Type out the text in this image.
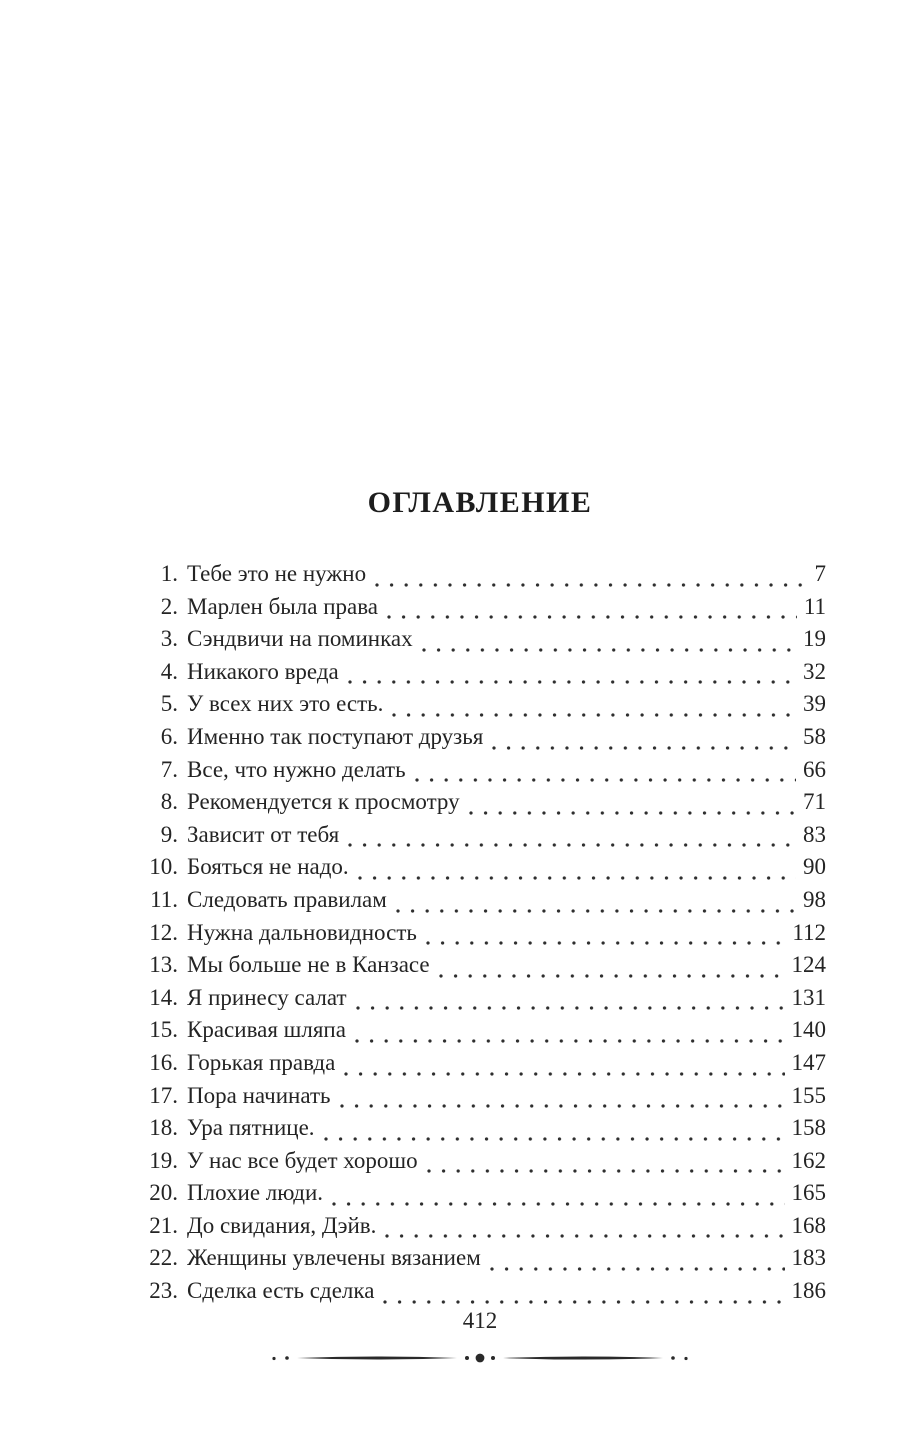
ОГЛАВЛЕНИЕ
1. Тебе это не нужно	7
2. Марлен была права	11
3. Сэндвичи на поминках	19
4. Никакого вреда	32
5. У всех них это есть.	39
6. Именно так поступают друзья	58
7. Все, что нужно делать	66
8. Рекомендуется к просмотру	71
9. Зависит от тебя	83
10. Бояться не надо.	90
11. Следовать правилам	98
12. Нужна дальновидность	112
13. Мы больше не в Канзасе	124
14. Я принесу салат	131
15. Красивая шляпа	140
16. Горькая правда	147
17. Пора начинать	155
18. Ура пятнице.	158
19. У нас все будет хорошо	162
20. Плохие люди.	165
21. До свидания, Дэйв.	168
22. Женщины увлечены вязанием	183
23. Сделка есть сделка	186
412
